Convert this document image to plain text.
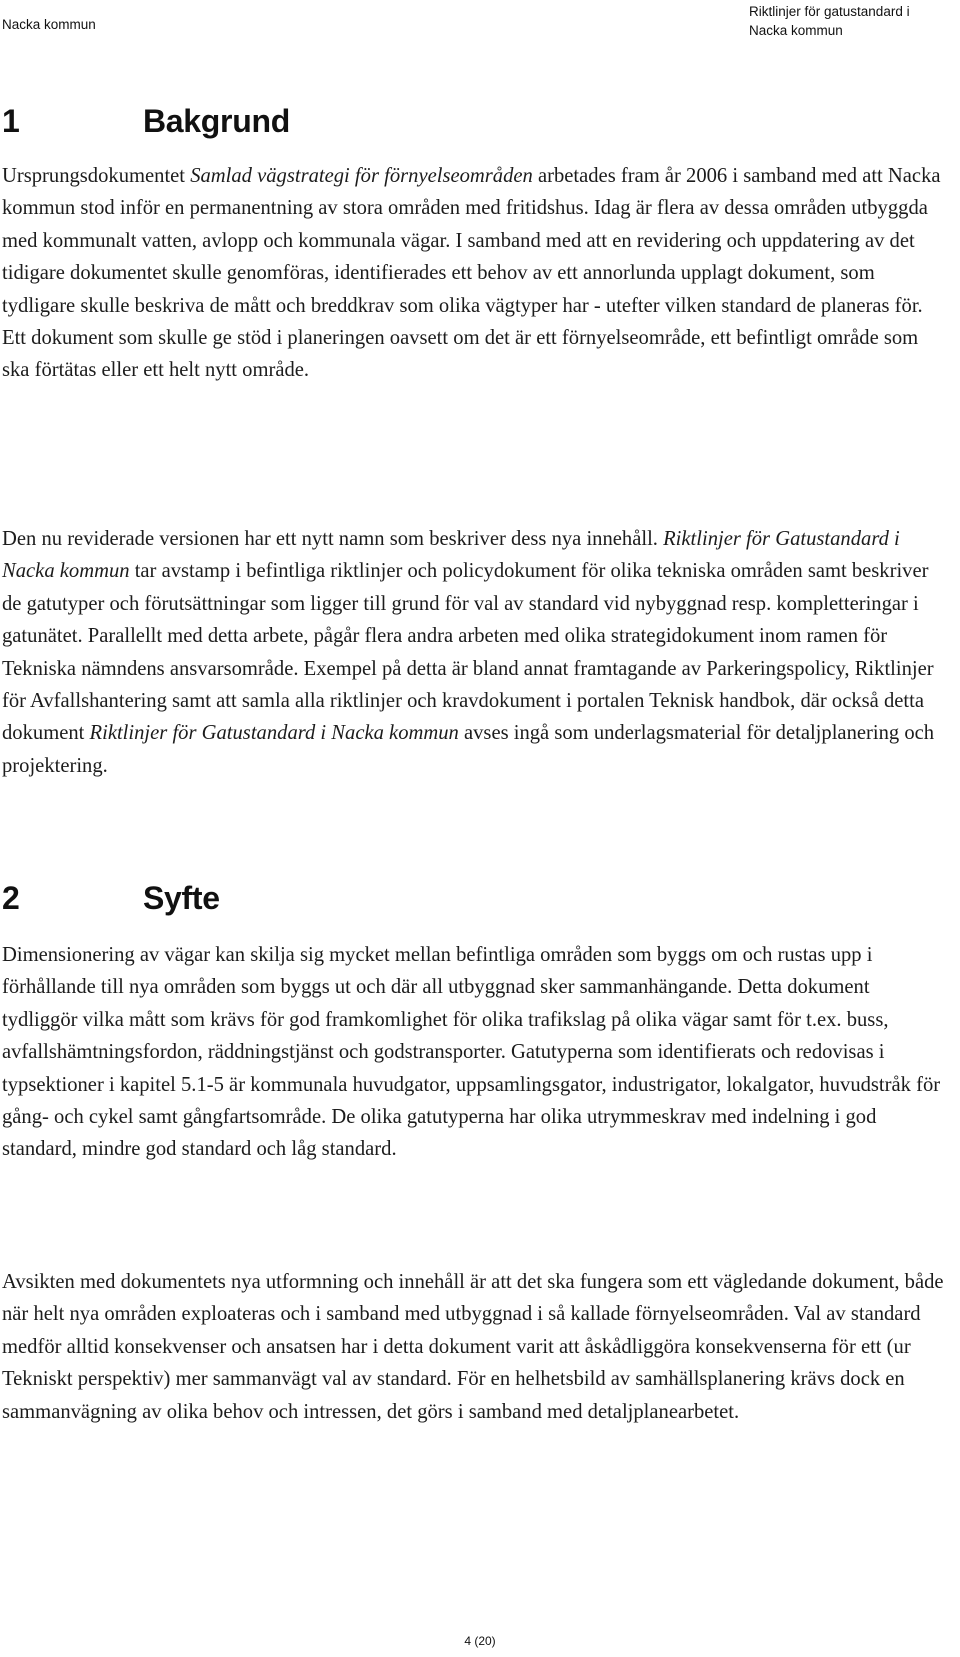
Nacka kommun
Riktlinjer för gatustandard i Nacka kommun
1	Bakgrund

Ursprungsdokumentet Samlad vägstrategi för förnyelseområden arbetades fram år 2006 i samband med att Nacka kommun stod inför en permanentning av stora områden med fritidshus. Idag är flera av dessa områden utbyggda med kommunalt vatten, avlopp och kommunala vägar. I samband med att en revidering och uppdatering av det tidigare dokumentet skulle genomföras, identifierades ett behov av ett annorlunda upplagt dokument, som tydligare skulle beskriva de mått och breddkrav som olika vägtyper har - utefter vilken standard de planeras för.

Ett dokument som skulle ge stöd i planeringen oavsett om det är ett förnyelseområde, ett befintligt område som ska förtätas eller ett helt nytt område.

Den nu reviderade versionen har ett nytt namn som beskriver dess nya innehåll. Riktlinjer för Gatustandard i Nacka kommun tar avstamp i befintliga riktlinjer och policydokument för olika tekniska områden samt beskriver de gatutyper och förutsättningar som ligger till grund för val av standard vid nybyggnad resp. kompletteringar i gatunätet. Parallellt med detta arbete, pågår flera andra arbeten med olika strategidokument inom ramen för Tekniska nämndens ansvarsområde. Exempel på detta är bland annat framtagande av Parkeringspolicy, Riktlinjer för Avfallshantering samt att samla alla riktlinjer och kravdokument i portalen Teknisk handbok, där också detta dokument Riktlinjer för Gatustandard i Nacka kommun avses ingå som underlagsmaterial för detaljplanering och projektering.

2	Syfte

Dimensionering av vägar kan skilja sig mycket mellan befintliga områden som byggs om och rustas upp i förhållande till nya områden som byggs ut och där all utbyggnad sker sammanhängande. Detta dokument tydliggör vilka mått som krävs för god framkomlighet för olika trafikslag på olika vägar samt för t.ex. buss, avfallshämtningsfordon, räddningstjänst och godstransporter. Gatutyperna som identifierats och redovisas i typsektioner i kapitel 5.1-5 är kommunala huvudgator, uppsamlingsgator, industrigator, lokalgator, huvudstråk för gång- och cykel samt gångfartsområde. De olika gatutyperna har olika utrymmeskrav med indelning i god standard, mindre god standard och låg standard.

Avsikten med dokumentets nya utformning och innehåll är att det ska fungera som ett vägledande dokument, både när helt nya områden exploateras och i samband med utbyggnad i så kallade förnyelseområden. Val av standard medför alltid konsekvenser och ansatsen har i detta dokument varit att åskådliggöra konsekvenserna för ett (ur Tekniskt perspektiv) mer sammanvägt val av standard. För en helhetsbild av samhällsplanering krävs dock en sammanvägning av olika behov och intressen, det görs i samband med detaljplanearbetet.

4 (20)
